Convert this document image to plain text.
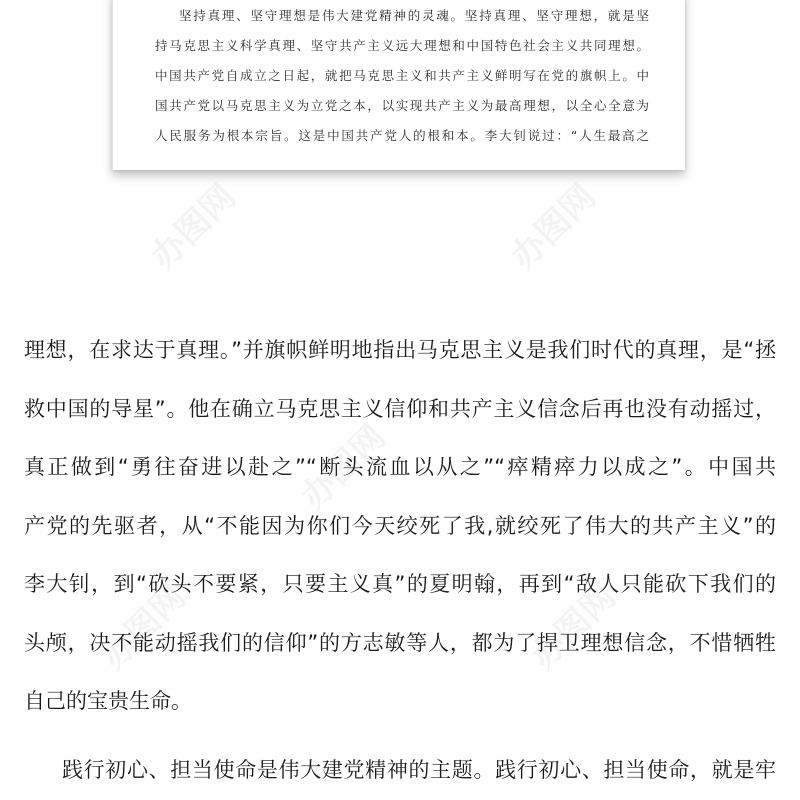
办图网	办图网
办图网
办图网	办图网
坚持真理、坚守理想是伟大建党精神的灵魂。坚持真理、坚守理想，就是坚
持马克思主义科学真理、坚守共产主义远大理想和中国特色社会主义共同理想。
中国共产党自成立之日起，就把马克思主义和共产主义鲜明写在党的旗帜上。中
国共产党以马克思主义为立党之本，以实现共产主义为最高理想，以全心全意为
人民服务为根本宗旨。这是中国共产党人的根和本。李大钊说过：“人生最高之
理想，在求达于真理。”并旗帜鲜明地指出马克思主义是我们时代的真理，是“拯
救中国的导星”。他在确立马克思主义信仰和共产主义信念后再也没有动摇过，
真正做到“勇往奋进以赴之”“断头流血以从之”“瘁精瘁力以成之”。中国共
产党的先驱者，从“不能因为你们今天绞死了我,就绞死了伟大的共产主义”的
李大钊，到“砍头不要紧，只要主义真”的夏明翰，再到“敌人只能砍下我们的
头颅，决不能动摇我们的信仰”的方志敏等人，都为了捍卫理想信念，不惜牺牲
自己的宝贵生命。
践行初心、担当使命是伟大建党精神的主题。践行初心、担当使命，就是牢
